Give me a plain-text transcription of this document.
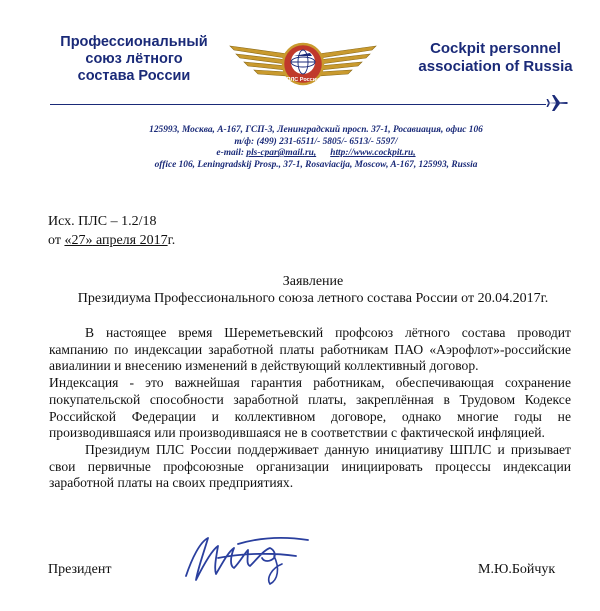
Профессиональный
союз лётного
состава России	ПЛС России
Cockpit personnel
association of Russia
125993, Москва, А-167, ГСП-3, Ленинградский просп. 37-1, Росавиация, офис 106
т/ф: (499) 231-6511/- 5805/- 6513/- 5597/
e-mail: pls-cpar@mail.ru, http://www.cockpit.ru,
office 106, Leningradskij Prosp., 37-1, Rosaviacija, Moscow, A-167, 125993, Russia
Исх. ПЛС – 1.2/18
от «27» апреля 2017г.
Заявление
Президиума Профессионального союза летного состава России от 20.04.2017г.

В настоящее время Шереметьевский профсоюз лётного состава проводит кампанию по индексации заработной платы работникам ПАО «Аэрофлот»-российские авиалинии и внесению изменений в действующий коллективный договор.

Индексация - это важнейшая гарантия работникам, обеспечивающая сохранение покупательской способности заработной платы, закреплённая в Трудовом Кодексе Российской Федерации и коллективном договоре, однако многие годы не производившаяся или производившаяся не в соответствии с фактической инфляцией.

Президиум ПЛС России поддерживает данную инициативу ШПЛС и призывает свои первичные профсоюзные организации инициировать процессы индексации заработной платы на своих предприятиях.

Президент	М.Ю.Бойчук
